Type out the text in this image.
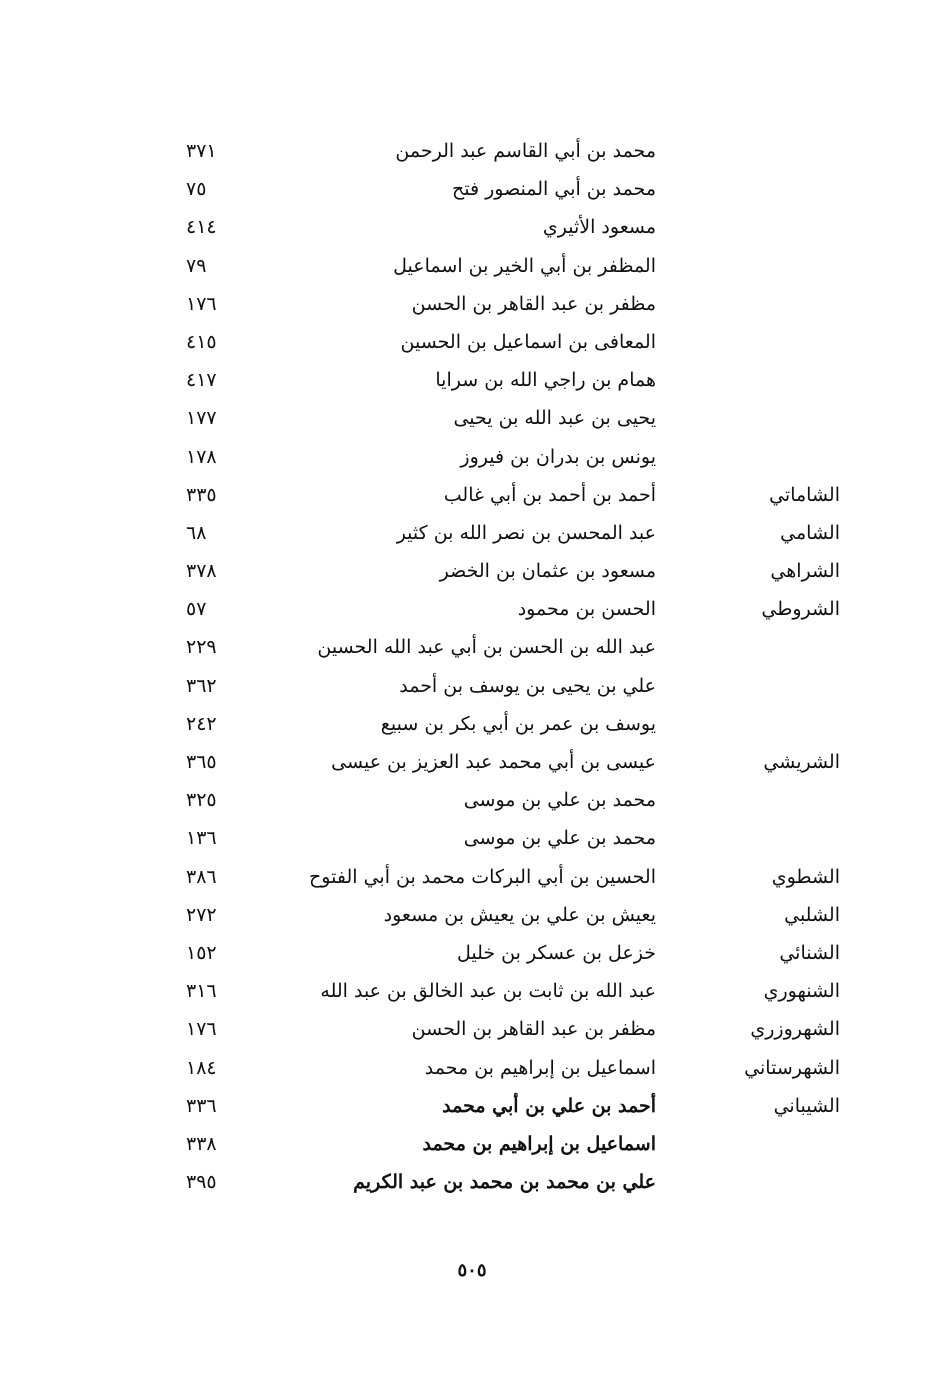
محمد بن أبي القاسم عبد الرحمن
٣٧١
محمد بن أبي المنصور فتح
٧٥
مسعود الأثيري
٤١٤
المظفر بن أبي الخير بن اسماعيل
٧٩
مظفر بن عبد القاهر بن الحسن
١٧٦
المعافى بن اسماعيل بن الحسين
٤١٥
همام بن راجي الله بن سرايا
٤١٧
يحيى بن عبد الله بن يحيى
١٧٧
يونس بن بدران بن فيروز
١٧٨
الشاماتي
أحمد بن أحمد بن أبي غالب
٣٣٥
الشامي
عبد المحسن بن نصر الله بن كثير
٦٨
الشراهي
مسعود بن عثمان بن الخضر
٣٧٨
الشروطي
الحسن بن محمود
٥٧
عبد الله بن الحسن بن أبي عبد الله الحسين
٢٢٩
علي بن يحيى بن يوسف بن أحمد
٣٦٢
يوسف بن عمر بن أبي بكر بن سبيع
٢٤٢
الشريشي
عيسى بن أبي محمد عبد العزيز بن عيسى
٣٦٥
محمد بن علي بن موسى
٣٢٥
محمد بن علي بن موسى
١٣٦
الشطوي
الحسين بن أبي البركات محمد بن أبي الفتوح
٣٨٦
الشلبي
يعيش بن علي بن يعيش بن مسعود
٢٧٢
الشنائي
خزعل بن عسكر بن خليل
١٥٢
الشنهوري
عبد الله بن ثابت بن عبد الخالق بن عبد الله
٣١٦
الشهروزري
مظفر بن عبد القاهر بن الحسن
١٧٦
الشهرستاني
اسماعيل بن إبراهيم بن محمد
١٨٤
الشيباني
أحمد بن علي بن أبي محمد
٣٣٦
اسماعيل بن إبراهيم بن محمد
٣٣٨
علي بن محمد بن محمد بن عبد الكريم
٣٩٥
٥٠٥
